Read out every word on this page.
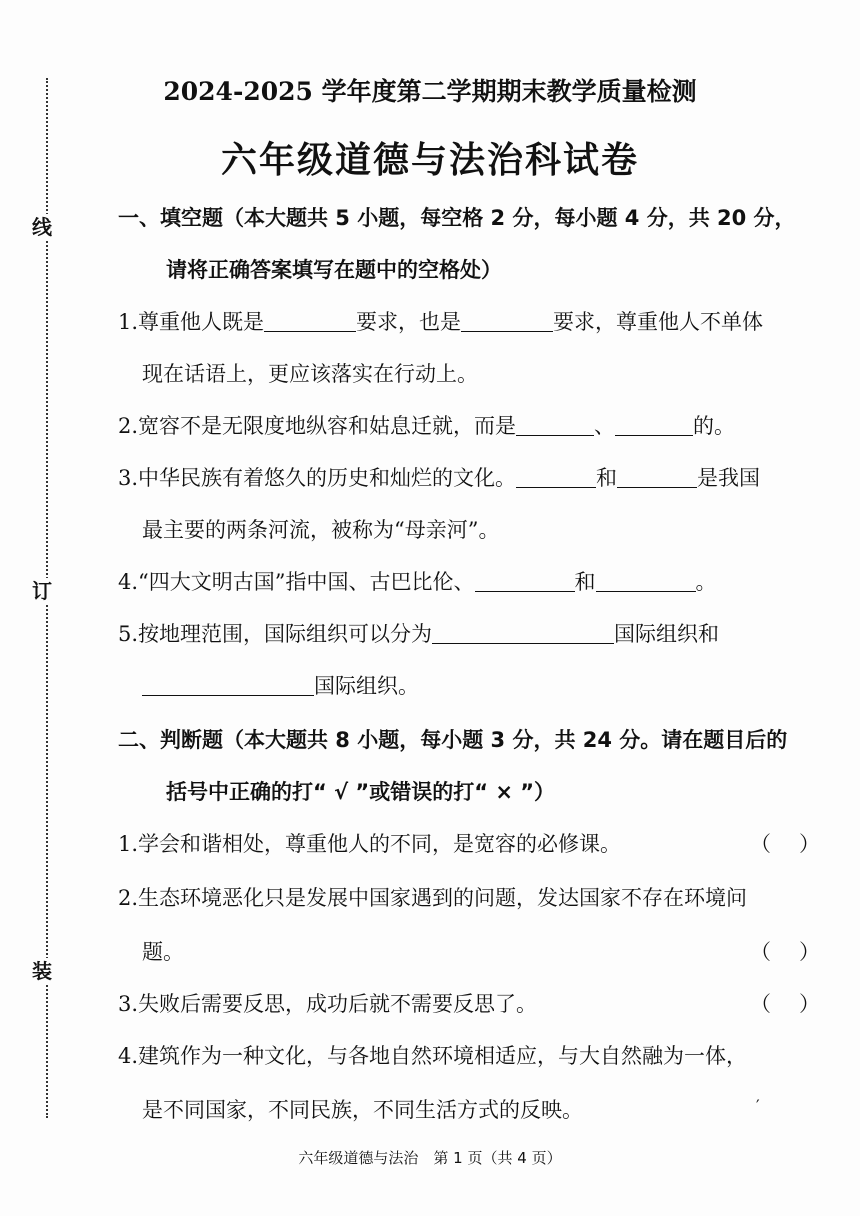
线
订
装
2024-2025 学年度第二学期期末教学质量检测
六年级道德与法治科试卷
一、填空题（本大题共 5 小题，每空格 2 分，每小题 4 分，共 20 分，
请将正确答案填写在题中的空格处）
1.尊重他人既是	要求，也是	要求，尊重他人不单体
现在话语上，更应该落实在行动上。
2.宽容不是无限度地纵容和姑息迁就，而是	、	的。
3.中华民族有着悠久的历史和灿烂的文化。	和	是我国
最主要的两条河流，被称为“母亲河”。
4.“四大文明古国”指中国、古巴比伦、	和	。
5.按地理范围，国际组织可以分为	国际组织和
国际组织。
二、判断题（本大题共 8 小题，每小题 3 分，共 24 分。请在题目后的
括号中正确的打“ √ ”或错误的打“ × ”）
1.学会和谐相处，尊重他人的不同，是宽容的必修课。	（ ）
2.生态环境恶化只是发展中国家遇到的问题，发达国家不存在环境问
题。	（ ）
3.失败后需要反思，成功后就不需要反思了。	（ ）
4.建筑作为一种文化，与各地自然环境相适应，与大自然融为一体，
是不同国家，不同民族，不同生活方式的反映。	′
六年级道德与法治　第 1 页（共 4 页）
